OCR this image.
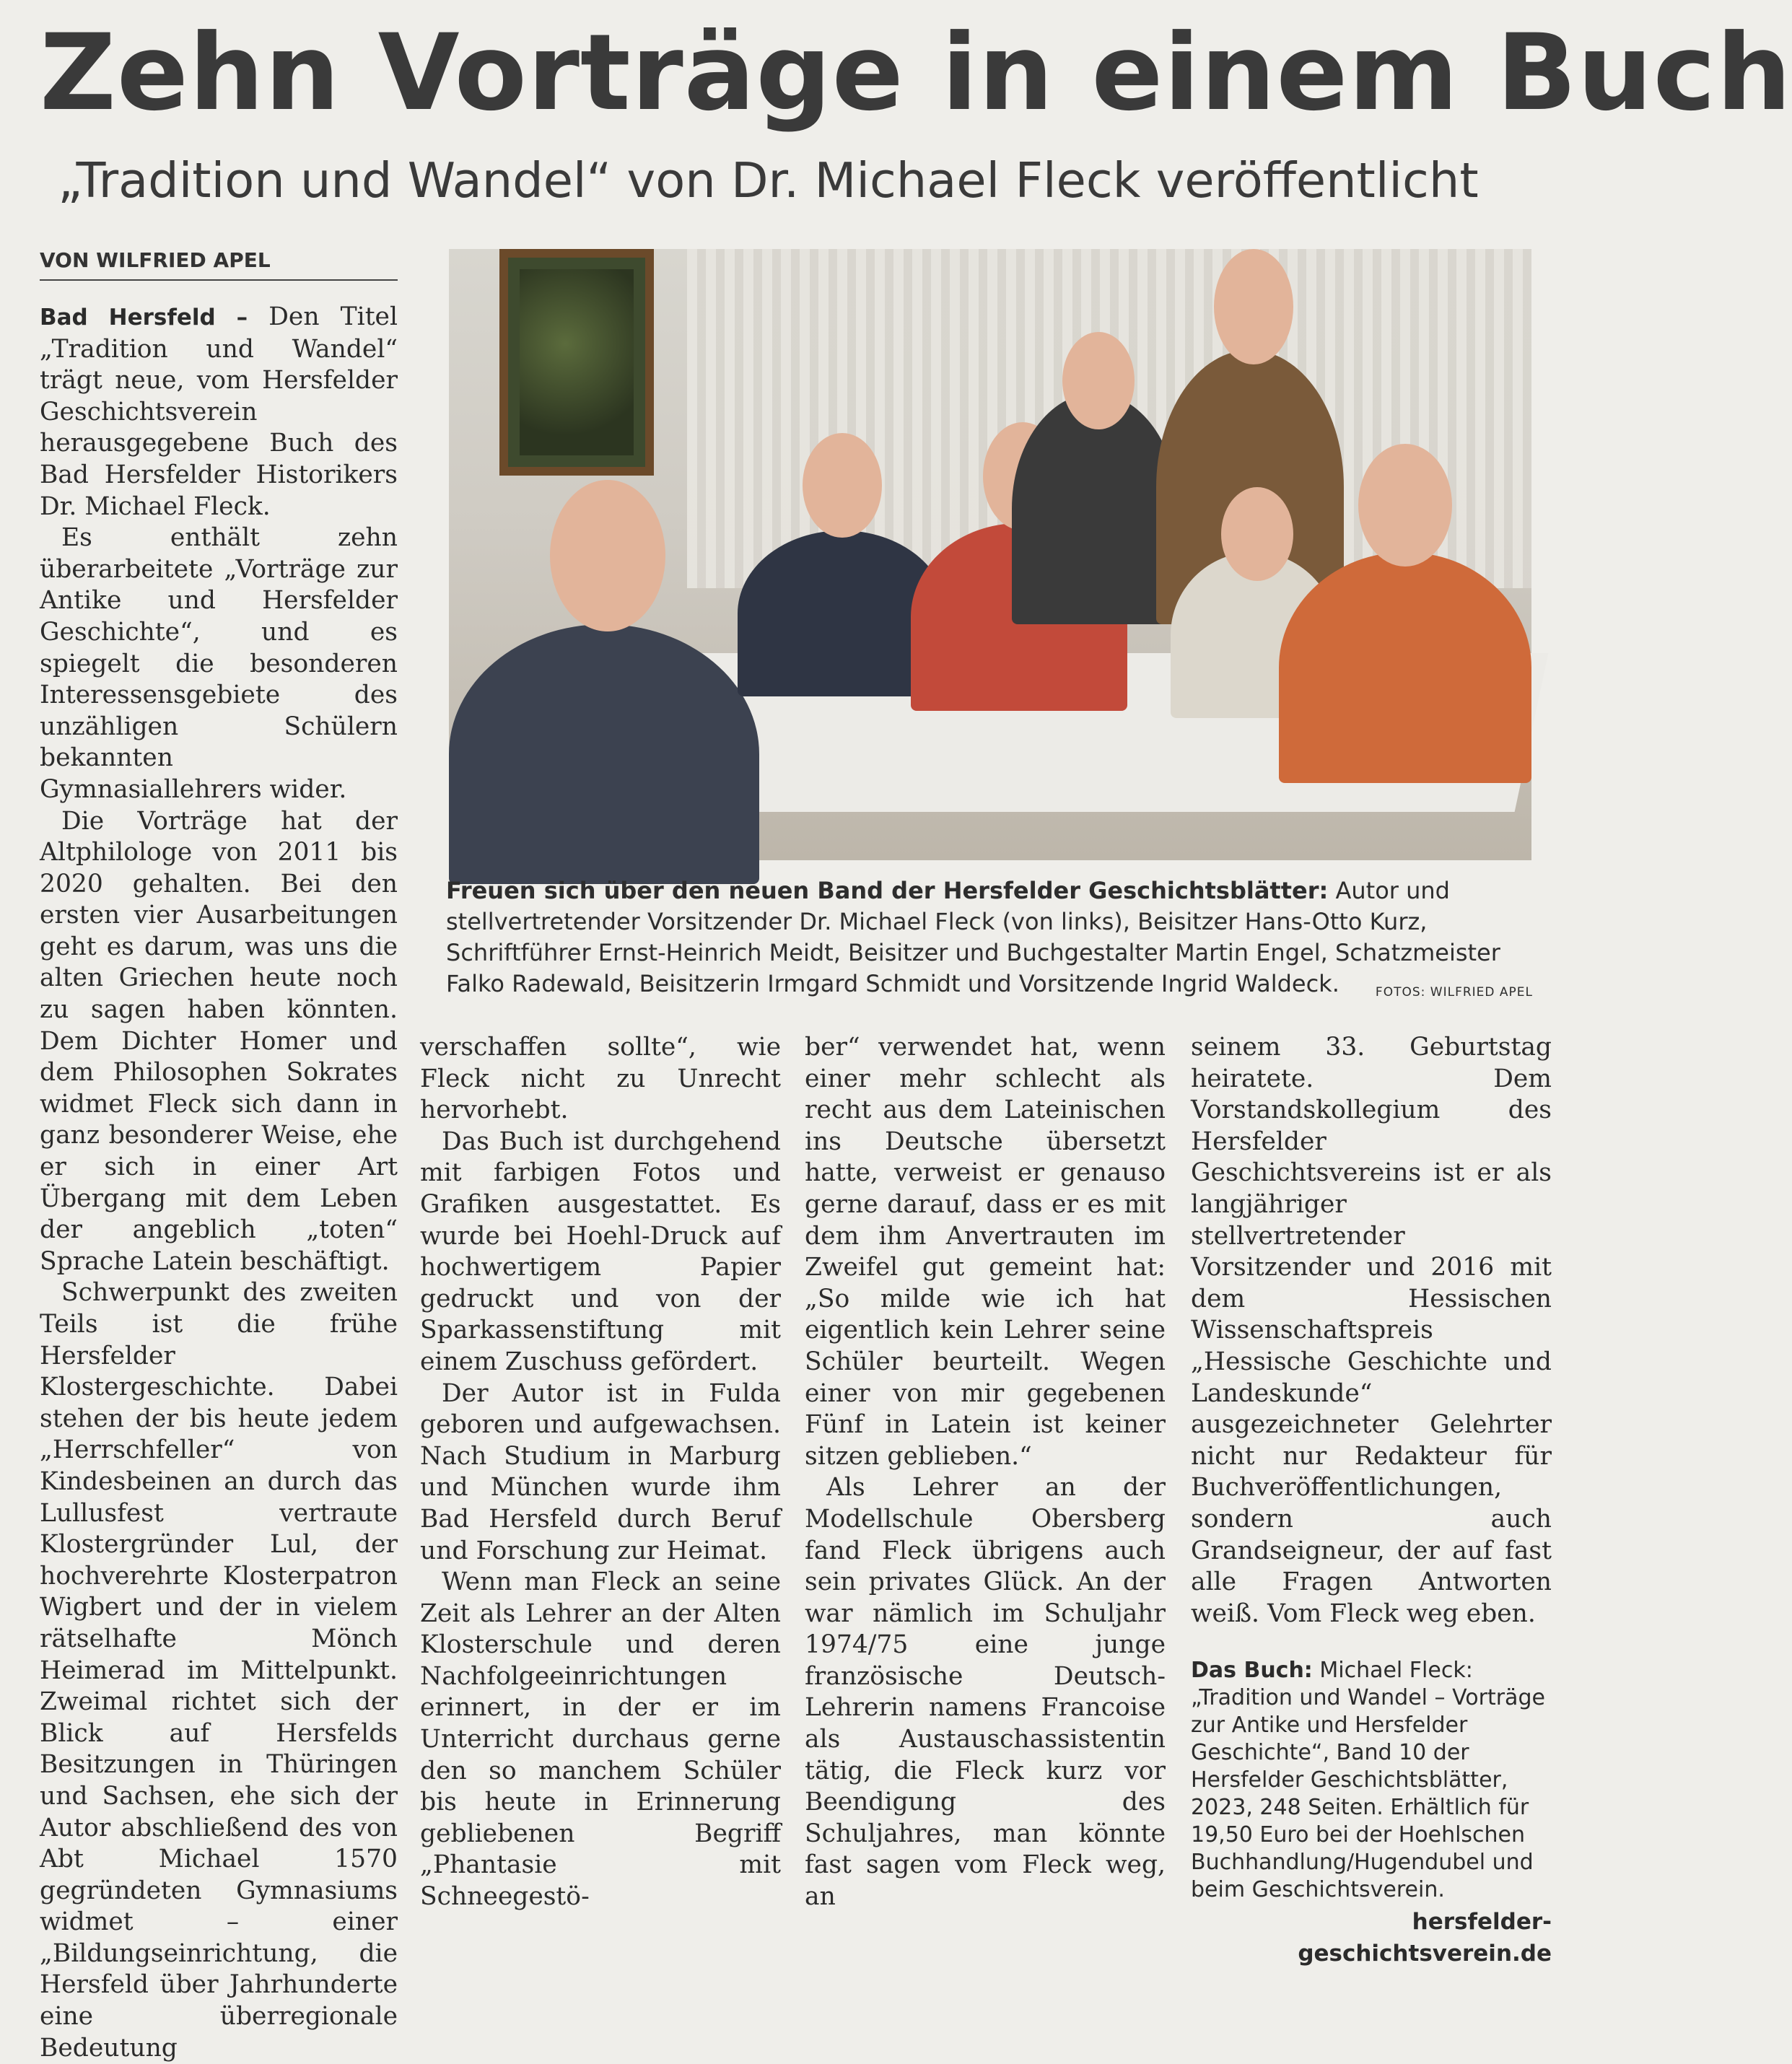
Zehn Vorträge in einem Buch
„Tradition und Wandel“ von Dr. Michael Fleck veröffentlicht
VON WILFRIED APEL

Bad Hersfeld – Den Titel „Tradition und Wandel“ trägt neue, vom Hersfelder Geschichtsverein herausgegebene Buch des Bad Hersfelder Historikers Dr. Michael Fleck.

Es enthält zehn überarbeitete „Vorträge zur Antike und Hersfelder Geschichte“, und es spiegelt die besonderen Interessensgebiete des unzähligen Schülern bekannten Gymnasiallehrers wider.

Die Vorträge hat der Altphilologe von 2011 bis 2020 gehalten. Bei den ersten vier Ausarbeitungen geht es darum, was uns die alten Griechen heute noch zu sagen haben könnten. Dem Dichter Homer und dem Philosophen Sokrates widmet Fleck sich dann in ganz besonderer Weise, ehe er sich in einer Art Übergang mit dem Leben der angeblich „toten“ Sprache Latein beschäftigt.

Schwerpunkt des zweiten Teils ist die frühe Hersfelder Klostergeschichte. Dabei stehen der bis heute jedem „Herrschfeller“ von Kindesbeinen an durch das Lullusfest vertraute Klostergründer Lul, der hochverehrte Klosterpatron Wigbert und der in vielem rätselhafte Mönch Heimerad im Mittelpunkt. Zweimal richtet sich der Blick auf Hersfelds Besitzungen in Thüringen und Sachsen, ehe sich der Autor abschließend des von Abt Michael 1570 gegründeten Gymnasiums widmet – einer „Bildungseinrichtung, die Hersfeld über Jahrhunderte eine überregionale Bedeutung

Freuen sich über den neuen Band der Hersfelder Geschichtsblätter: Autor und stellvertretender Vorsitzender Dr. Michael Fleck (von links), Beisitzer Hans-Otto Kurz, Schriftführer Ernst-Heinrich Meidt, Beisitzer und Buchgestalter Martin Engel, Schatzmeister Falko Radewald, Beisitzerin Irmgard Schmidt und Vorsitzende Ingrid Waldeck.	FOTOS: WILFRIED APEL

verschaffen sollte“, wie Fleck nicht zu Unrecht hervorhebt.

Das Buch ist durchgehend mit farbigen Fotos und Grafiken ausgestattet. Es wurde bei Hoehl-Druck auf hochwertigem Papier gedruckt und von der Sparkassenstiftung mit einem Zuschuss gefördert.

Der Autor ist in Fulda geboren und aufgewachsen. Nach Studium in Marburg und München wurde ihm Bad Hersfeld durch Beruf und Forschung zur Heimat.

Wenn man Fleck an seine Zeit als Lehrer an der Alten Klosterschule und deren Nachfolgeeinrichtungen erinnert, in der er im Unterricht durchaus gerne den so manchem Schüler bis heute in Erinnerung gebliebenen Begriff „Phantasie mit Schneegestö-

ber“ verwendet hat, wenn einer mehr schlecht als recht aus dem Lateinischen ins Deutsche übersetzt hatte, verweist er genauso gerne darauf, dass er es mit dem ihm Anvertrauten im Zweifel gut gemeint hat: „So milde wie ich hat eigentlich kein Lehrer seine Schüler beurteilt. Wegen einer von mir gegebenen Fünf in Latein ist keiner sitzen geblieben.“

Als Lehrer an der Modellschule Obersberg fand Fleck übrigens auch sein privates Glück. An der war nämlich im Schuljahr 1974/75 eine junge französische Deutsch-Lehrerin namens Francoise als Austauschassistentin tätig, die Fleck kurz vor Beendigung des Schuljahres, man könnte fast sagen vom Fleck weg, an

seinem 33. Geburtstag heiratete. Dem Vorstandskollegium des Hersfelder Geschichtsvereins ist er als langjähriger stellvertretender Vorsitzender und 2016 mit dem Hessischen Wissenschaftspreis „Hessische Geschichte und Landeskunde“ ausgezeichneter Gelehrter nicht nur Redakteur für Buchveröffentlichungen, sondern auch Grandseigneur, der auf fast alle Fragen Antworten weiß. Vom Fleck weg eben.

Das Buch: Michael Fleck: „Tradition und Wandel – Vorträge zur Antike und Hersfelder Geschichte“, Band 10 der Hersfelder Geschichtsblätter, 2023, 248 Seiten. Erhältlich für 19,50 Euro bei der Hoehlschen Buchhandlung/Hugendubel und beim Geschichtsverein.
hersfelder-geschichtsverein.de
